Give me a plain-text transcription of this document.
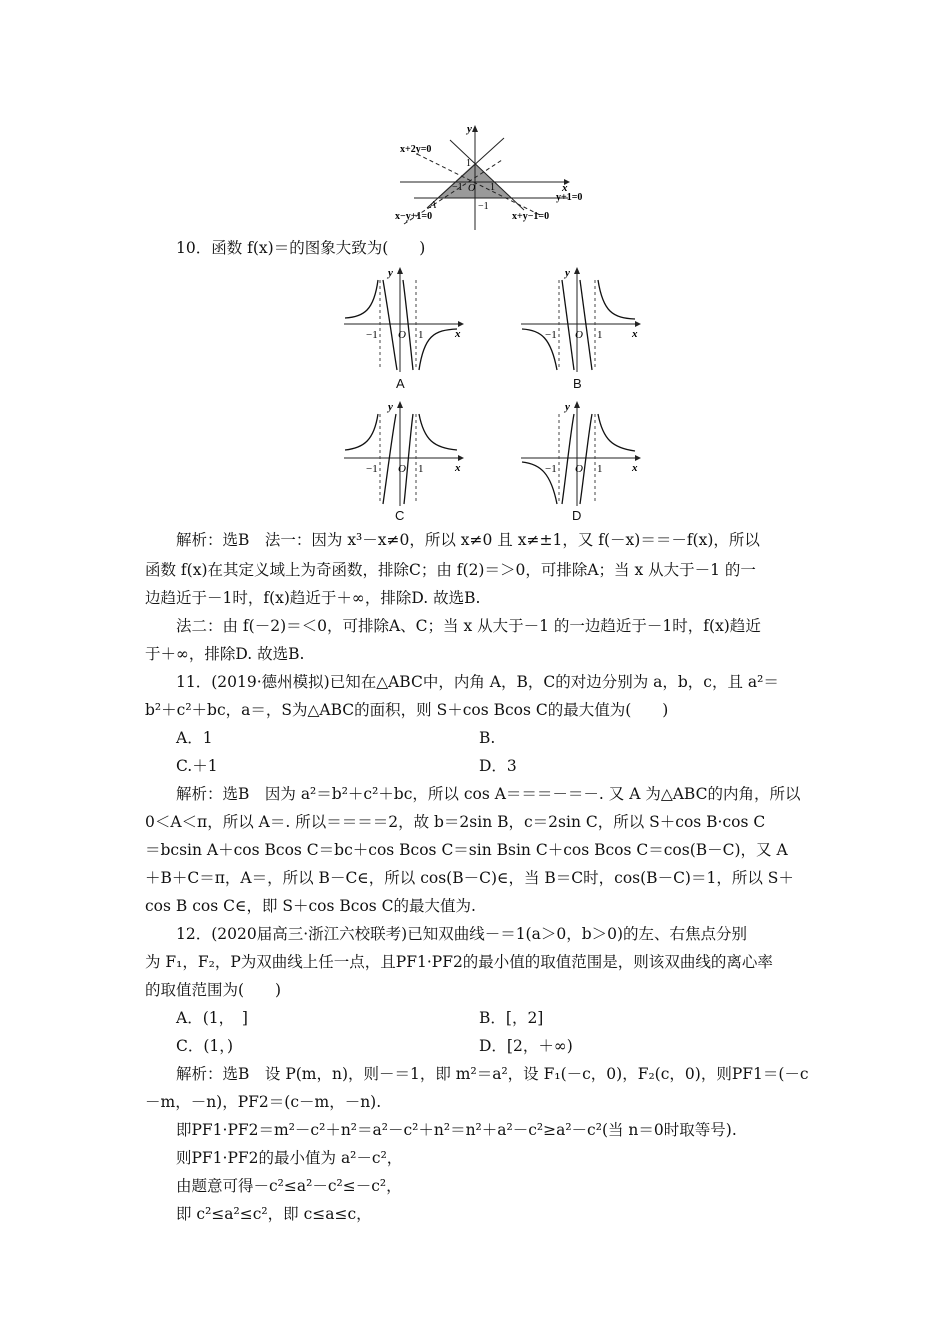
y
x
x+2y=0
y+1=0
x−y+1=0	x+y−1=0
1
−1 O 1
−1
A
10．函数 f(x)＝的图象大致为(　　)
y
x
−1 O 1
A
y
x
−1 O 1
B
y
x
−1 O 1
C
y
x
−1 O 1
D
解析：选B　法一：因为 x³－x≠0，所以 x≠0 且 x≠±1，又 f(－x)＝＝－f(x)，所以
函数 f(x)在其定义域上为奇函数，排除C；由 f(2)＝＞0，可排除A；当 x 从大于－1 的一
边趋近于－1时，f(x)趋近于＋∞，排除D. 故选B.
法二：由 f(－2)＝＜0，可排除A、C；当 x 从大于－1 的一边趋近于－1时，f(x)趋近
于＋∞，排除D. 故选B.
11．(2019·德州模拟)已知在△ABC中，内角 A，B，C的对边分别为 a，b，c，且 a²＝
b²＋c²＋bc，a＝，S为△ABC的面积，则 S＋cos Bcos C的最大值为(　　)
A．1	B.
C.＋1	D．3
解析：选B　因为 a²＝b²＋c²＋bc，所以 cos A＝＝＝－＝－. 又 A 为△ABC的内角，所以
0＜A＜π，所以 A＝. 所以＝＝＝＝2，故 b＝2sin B，c＝2sin C，所以 S＋cos B·cos C
＝bcsin A＋cos Bcos C＝bc＋cos Bcos C＝sin Bsin C＋cos Bcos C＝cos(B－C)，又 A
＋B＋C＝π，A＝，所以 B－C∈，所以 cos(B－C)∈，当 B＝C时，cos(B－C)＝1，所以 S＋
cos B cos C∈，即 S＋cos Bcos C的最大值为.
12．(2020届高三·浙江六校联考)已知双曲线－＝1(a＞0，b＞0)的左、右焦点分别
为 F₁，F₂，P为双曲线上任一点，且PF1·PF2的最小值的取值范围是，则该双曲线的离心率
的取值范围为(　　)
A．(1，　]	B．[，2]
C．(1，)	D．[2，＋∞)
解析：选B　设 P(m，n)，则－＝1，即 m²＝a²，设 F₁(－c，0)，F₂(c，0)，则PF1＝(－c
－m，－n)，PF2＝(c－m，－n).
即PF1·PF2＝m²－c²＋n²＝a²－c²＋n²＝n²＋a²－c²≥a²－c²(当 n＝0时取等号).
则PF1·PF2的最小值为 a²－c²，
由题意可得－c²≤a²－c²≤－c²，
即 c²≤a²≤c²，即 c≤a≤c，
